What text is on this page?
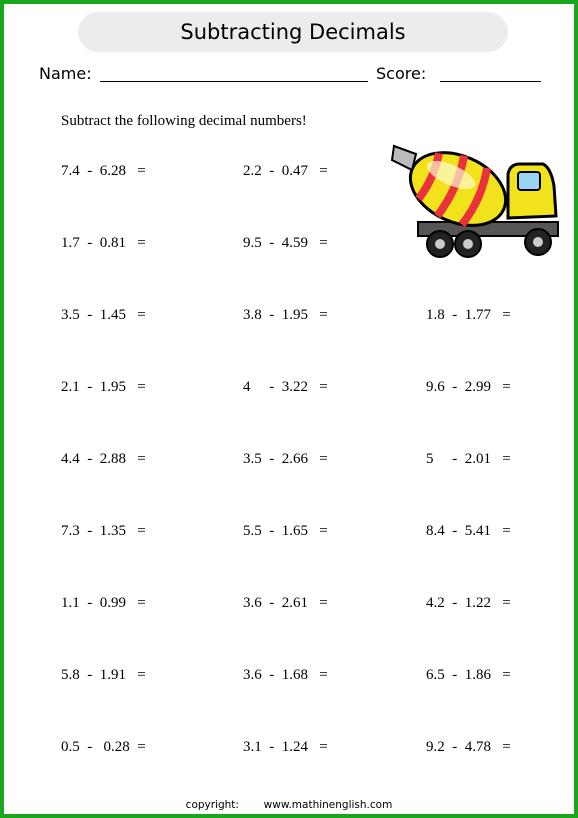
Subtracting Decimals
Name:	Score:
Subtract the following decimal numbers!
7.4  -  6.28   =
1.7  -  0.81   =
3.5  -  1.45   =
2.1  -  1.95   =
4.4  -  2.88   =
7.3  -  1.35   =
1.1  -  0.99   =
5.8  -  1.91   =
0.5  -   0.28  =
2.2  -  0.47   =
9.5  -  4.59   =
3.8  -  1.95   =
4     -  3.22   =
3.5  -  2.66   =
5.5  -  1.65   =
3.6  -  2.61   =
3.6  -  1.68   =
3.1  -  1.24   =
1.8  -  1.77   =
9.6  -  2.99   =
5     -  2.01   =
8.4  -  5.41   =
4.2  -  1.22   =
6.5  -  1.86   =
9.2  -  4.78   =
copyright: www.mathinenglish.com
